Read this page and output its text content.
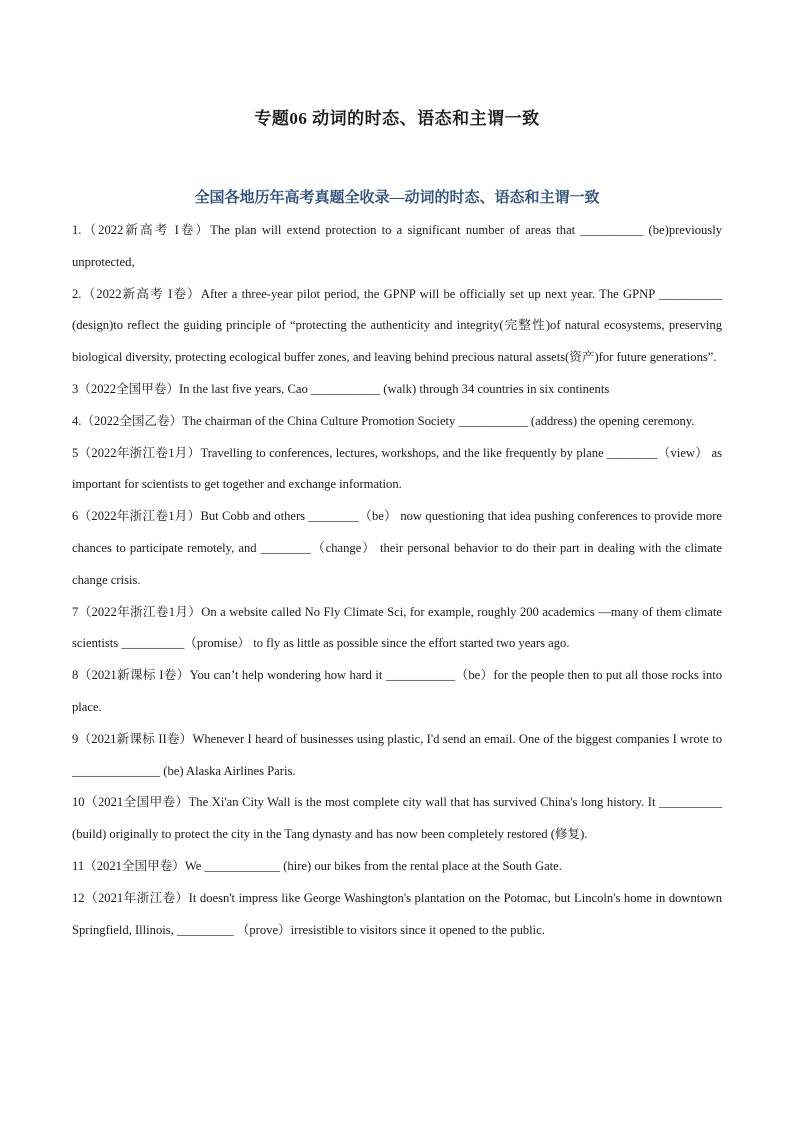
专题06 动词的时态、语态和主谓一致
全国各地历年高考真题全收录—动词的时态、语态和主谓一致

1.（2022新高考 I卷）The plan will extend protection to a significant number of areas that __________ (be)previously unprotected,

2.（2022新高考 I卷）After a three-year pilot period, the GPNP will be officially set up next year. The GPNP __________ (design)to reflect the guiding principle of “protecting the authenticity and integrity(完整性)of natural ecosystems, preserving biological diversity, protecting ecological buffer zones, and leaving behind precious natural assets(资产)for future generations”.

3（2022全国甲卷）In the last five years, Cao ___________ (walk) through 34 countries in six continents

4.（2022全国乙卷）The chairman of the China Culture Promotion Society ___________ (address) the opening ceremony.

5（2022年浙江卷1月）Travelling to conferences, lectures, workshops, and the like frequently by plane ________（view） as important for scientists to get together and exchange information.

6（2022年浙江卷1月）But Cobb and others ________（be） now questioning that idea pushing conferences to provide more chances to participate remotely, and ________（change） their personal behavior to do their part in dealing with the climate change crisis.

7（2022年浙江卷1月）On a website called No Fly Climate Sci, for example, roughly 200 academics —many of them climate scientists __________（promise） to fly as little as possible since the effort started two years ago.

8（2021新课标 I卷）You can’t help wondering how hard it ___________（be）for the people then to put all those rocks into place.

9（2021新课标 II卷）Whenever I heard of businesses using plastic, I'd send an email. One of the biggest companies I wrote to ______________ (be) Alaska Airlines Paris.

10（2021全国甲卷）The Xi'an City Wall is the most complete city wall that has survived China's long history. It __________ (build) originally to protect the city in the Tang dynasty and has now been completely restored (修复).

11（2021全国甲卷）We ____________ (hire) our bikes from the rental place at the South Gate.

12（2021年浙江卷）It doesn't impress like George Washington's plantation on the Potomac, but Lincoln's home in downtown Springfield, Illinois, _________ （prove）irresistible to visitors since it opened to the public.
